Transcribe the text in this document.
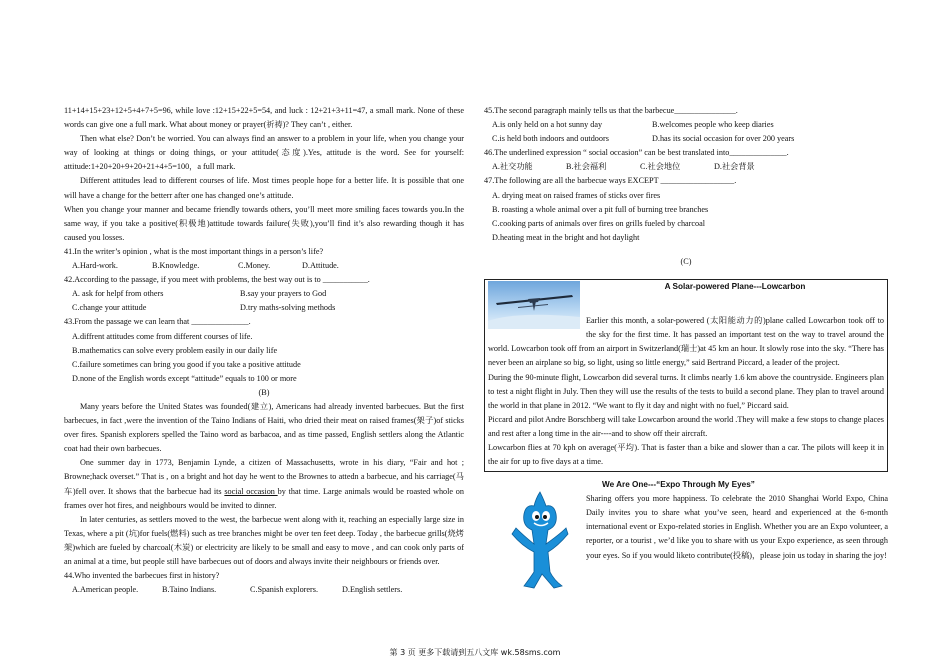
11+14+15+23+12+5+4+7+5=96, while love :12+15+22+5=54, and luck : 12+21+3+11=47, a small mark. None of these words can give one a full mark. What about money or prayer(祈祷)? They can’t , either.

Then what else? Don’t be worried. You can always find an answer to a problem in your life, when you change your way of looking at things or doing things, or your attitude(态度).Yes, attitude is the word. See for yourself: attitude:1+20+20+9+20+21+4+5=100，a full mark.

Different attitudes lead to different courses of life. Most times people hope for a better life. It is possible that one will have a change for the betterr after one has changed one’s attitude.

When you change your manner and became friendly towards others, you’ll meet more smiling faces towards you.In the same way, if you take a positive(积极地)attitude towards failure(失败),you’ll find it’s also rewarding though it has caused you losses.

41.In the writer’s opinion , what is the most important things in a person’s life?

A.Hard-work.	B.Knowledge.	C.Money.	D.Attitude.

42.According to the passage, if you meet with problems, the best way out is to ___________.

A. ask for helpf from others	B.say your prayers to God
C.change your attitude	D.try maths-solving methods

43.From the passage we can learn that ______________.

A.diffrent attitudes come from different courses of life.

B.mathematics can solve every problem easily in our daily life

C.failure sometimes can bring you good if you take a positive attitude

D.none of the English words except “attitude” equals to 100 or more

(B)

Many years before the United States was founded(建立), Americans had already invented barbecues. But the first barbecues, in fact ,were the invention of the Taino Indians of Haiti, who dried their meat on raised frames(架子)of sticks over fires. Spanish explorers spelled the Taino word as barbacoa, and as time passed, English settlers along the Atlantic coat had their own barbecues.

One summer day in 1773, Benjamin Lynde, a citizen of Massachusetts, wrote in his diary, “Fair and hot ; Browne;hack overset.” That is , on a bright and hot day he went to the Brownes to attedn a barbecue, and his carriage(马车)fell over. It shows that the barbecue had its social occasion by that time. Large animals would be roasted whole on frames over hot fires, and neighbours would be invited to dinner.

In later centuries, as settlers moved to the west, the barbecue went along with it, reaching an especially large size in Texas, where a pit (坑)for fuels(燃料) such as tree branches might be over ten feet deep. Today , the barbecue grills(烧烤架)which are fueled by charcoal(木炭) or electricity are likely to be small and easy to move , and can cook only parts of an animal at a time, but people still have barbecues out of doors and always invite their neighbours or friends over.

44.Who invented the barbecues first in history?

A.American people.	B.Taino Indians.	C.Spanish explorers.	D.English settlers.

45.The second paragraph mainly tells us that the barbecue_______________.

A.is only held on a hot sunny day	B.welcomes people who keep diaries
C.is held both indoors and outdoors	D.has its social occasion for over 200 years

46.The underlined expression “ social occasion” can be best translated into______________.

A.社交功能	B.社会福利	C.社会地位	D.社会背景

47.The following are all the barbecue ways EXCEPT __________________.

A. drying meat on raised frames of sticks over fires

B. roasting a whole animal over a pit full of burning tree branches

C.cooking parts of animals over fires on grills fueled by charcoal

D.heating meat in the bright and hot daylight

(C)

A Solar-powered Plane---Lowcarbon

Earlier this month, a solar-powered (太阳能动力的)plane called Lowcarbon took off to the sky for the first time. It has passed an important test on the way to travel around the world. Lowcarbon took off from an airport in Switzerland(瑞士)at 45 km an hour. It slowly rose into the sky. “There has never been an airplane so big, so light, using so little energy,” said Bertrand Piccard, a leader of the project.

During the 90-minute flight, Lowcarbon did several turns. It climbs nearly 1.6 km above the countryside. Engineers plan to test a night flight in July. Then they will use the results of the tests to build a second plane. They plan to travel around the world in that plane in 2012. “We want to fly it day and night with no fuel,” Piccard said.

Piccard and pilot Andre Borschberg will take Lowcarbon around the world .They will make a few stops to change places and rest after a long time in the air----and to show off their aircraft.

Lowcarbon flies at 70 kph on average(平均). That is faster than a bike and slower than a car. The pilots will keep it in the air for up to five days at a time.

We Are One---“Expo Through My Eyes”

Sharing offers you more happiness. To celebrate the 2010 Shanghai World Expo, China Daily invites you to share what you’ve seen, heard and experienced at the 6-month international event or Expo-related stories in English. Whether you are an Expo volunteer, a reporter, or a tourist , we’d like you to share with us your Expo experience, as seen through your eyes. So if you would liketo contribute(投稿)，please join us today in sharing the joy!

第 3 页 更多下载请到五八文库 wk.58sms.com
